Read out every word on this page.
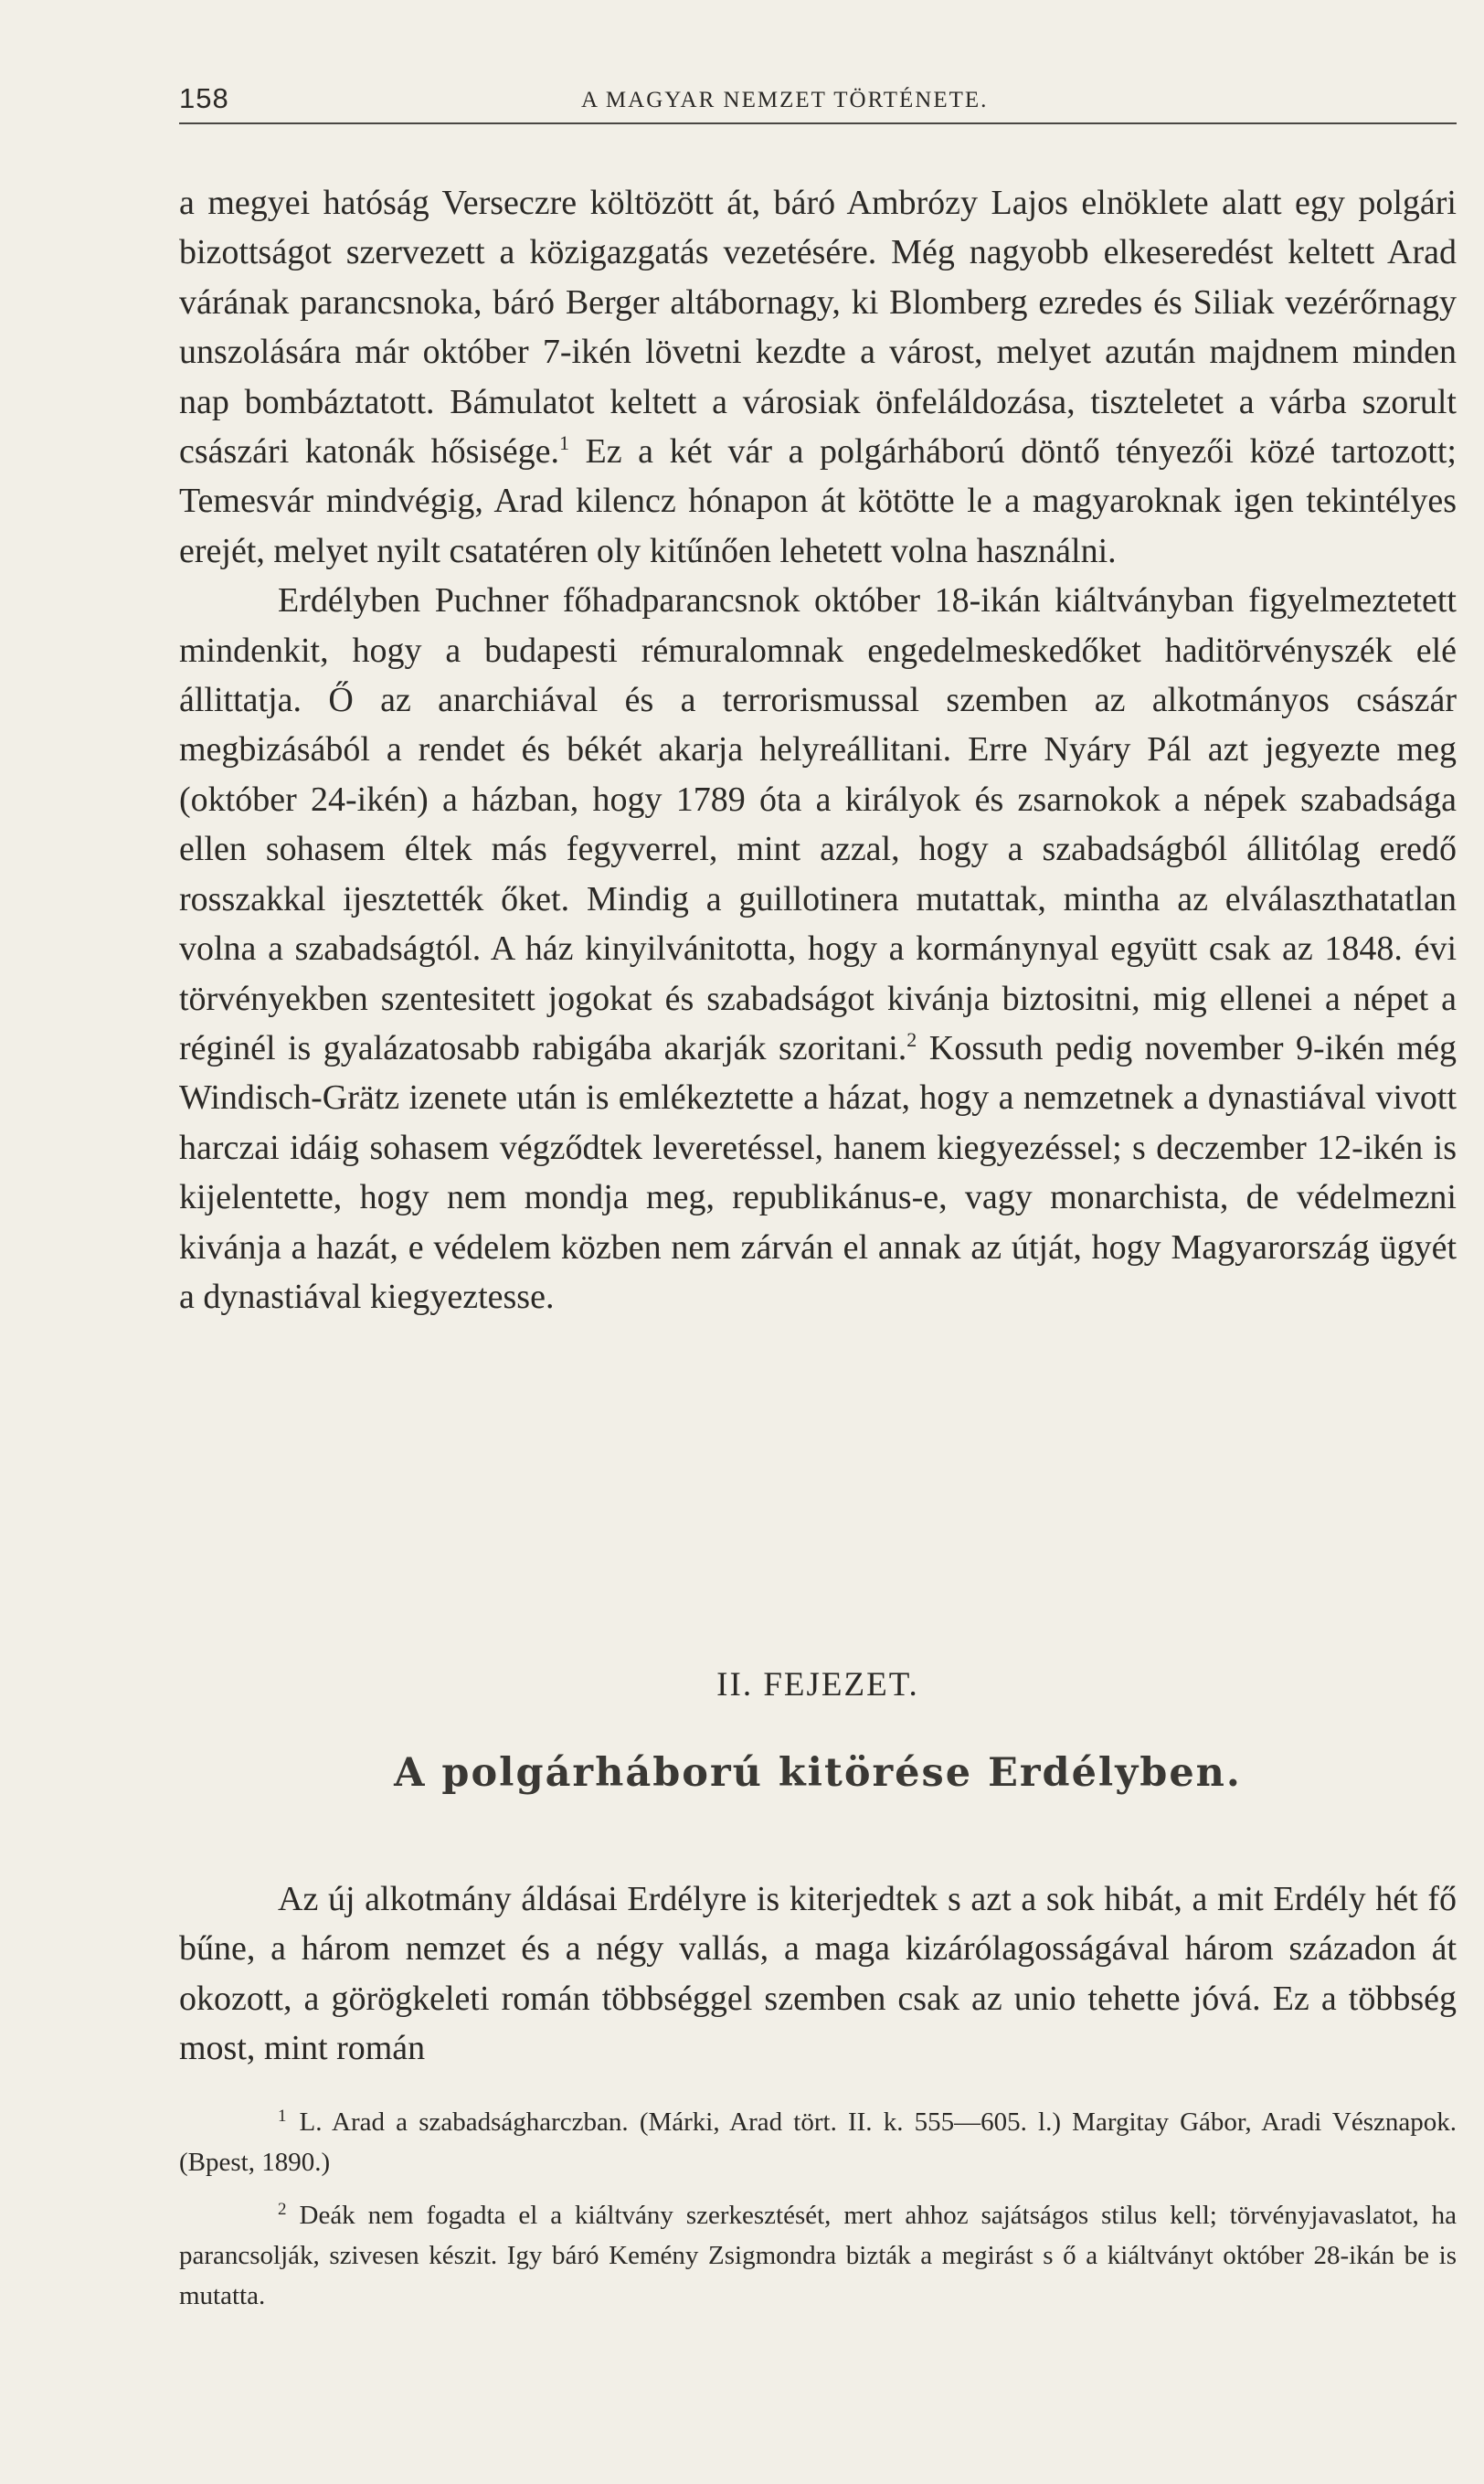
158	A MAGYAR NEMZET TÖRTÉNETE.

a megyei hatóság Verseczre költözött át, báró Ambrózy Lajos elnöklete alatt egy polgári bizottságot szervezett a közigazgatás vezetésére. Még nagyobb elkeseredést keltett Arad várának parancsnoka, báró Berger altábornagy, ki Blomberg ezredes és Siliak vezérőrnagy unszolására már október 7-ikén lövetni kezdte a várost, melyet azután majdnem minden nap bombáztatott. Bámulatot keltett a városiak önfeláldozása, tiszteletet a várba szorult császári katonák hősisége.$^1$ Ez a két vár a polgárháború döntő tényezői közé tartozott; Temesvár mindvégig, Arad kilencz hónapon át kötötte le a magyaroknak igen tekintélyes erejét, melyet nyilt csatatéren oly kitűnően lehetett volna használni.

Erdélyben Puchner főhadparancsnok október 18-ikán kiáltványban figyelmeztetett mindenkit, hogy a budapesti rémuralomnak engedelmeskedőket haditörvényszék elé állittatja. Ő az anarchiával és a terrorismussal szemben az alkotmányos császár megbizásából a rendet és békét akarja helyreállitani. Erre Nyáry Pál azt jegyezte meg (október 24-ikén) a házban, hogy 1789 óta a királyok és zsarnokok a népek szabadsága ellen sohasem éltek más fegyverrel, mint azzal, hogy a szabadságból állitólag eredő rosszakkal ijesztették őket. Mindig a guillotinera mutattak, mintha az elválaszthatatlan volna a szabadságtól. A ház kinyilvánitotta, hogy a kormánynyal együtt csak az 1848. évi törvényekben szentesitett jogokat és szabadságot kivánja biztositni, mig ellenei a népet a réginél is gyalázatosabb rabigába akarják szoritani.$^2$ Kossuth pedig november 9-ikén még Windisch-Grätz izenete után is emlékeztette a házat, hogy a nemzetnek a dynastiával vivott harczai idáig sohasem végződtek leveretéssel, hanem kiegyezéssel; s deczember 12-ikén is kijelentette, hogy nem mondja meg, republikánus-e, vagy monarchista, de védelmezni kivánja a hazát, e védelem közben nem zárván el annak az útját, hogy Magyarország ügyét a dynastiával kiegyeztesse.

II. FEJEZET.
A polgárháború kitörése Erdélyben.

Az új alkotmány áldásai Erdélyre is kiterjedtek s azt a sok hibát, a mit Erdély hét fő bűne, a három nemzet és a négy vallás, a maga kizárólagosságával három századon át okozott, a görögkeleti román többséggel szemben csak az unio tehette jóvá. Ez a többség most, mint román

$^1$ L. Arad a szabadságharczban. (Márki, Arad tört. II. k. 555—605. l.) Margitay Gábor, Aradi Vésznapok. (Bpest, 1890.)

$^2$ Deák nem fogadta el a kiáltvány szerkesztését, mert ahhoz sajátságos stilus kell; törvényjavaslatot, ha parancsolják, szivesen készit. Igy báró Kemény Zsigmondra bizták a megirást s ő a kiáltványt október 28-ikán be is mutatta.
